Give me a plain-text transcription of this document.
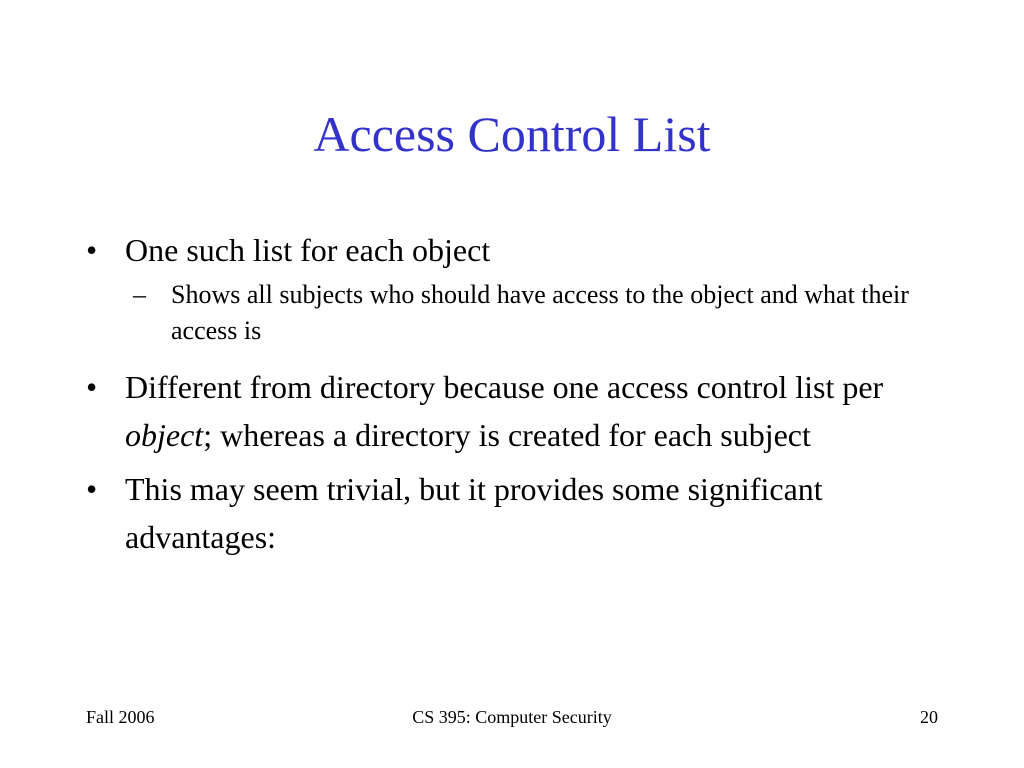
Access Control List
• One such list for each object
– Shows all subjects who should have access to the object and what their access is
• Different from directory because one access control list per object; whereas a directory is created for each subject
• This may seem trivial, but it provides some significant advantages:
Fall 2006	CS 395: Computer Security	20
